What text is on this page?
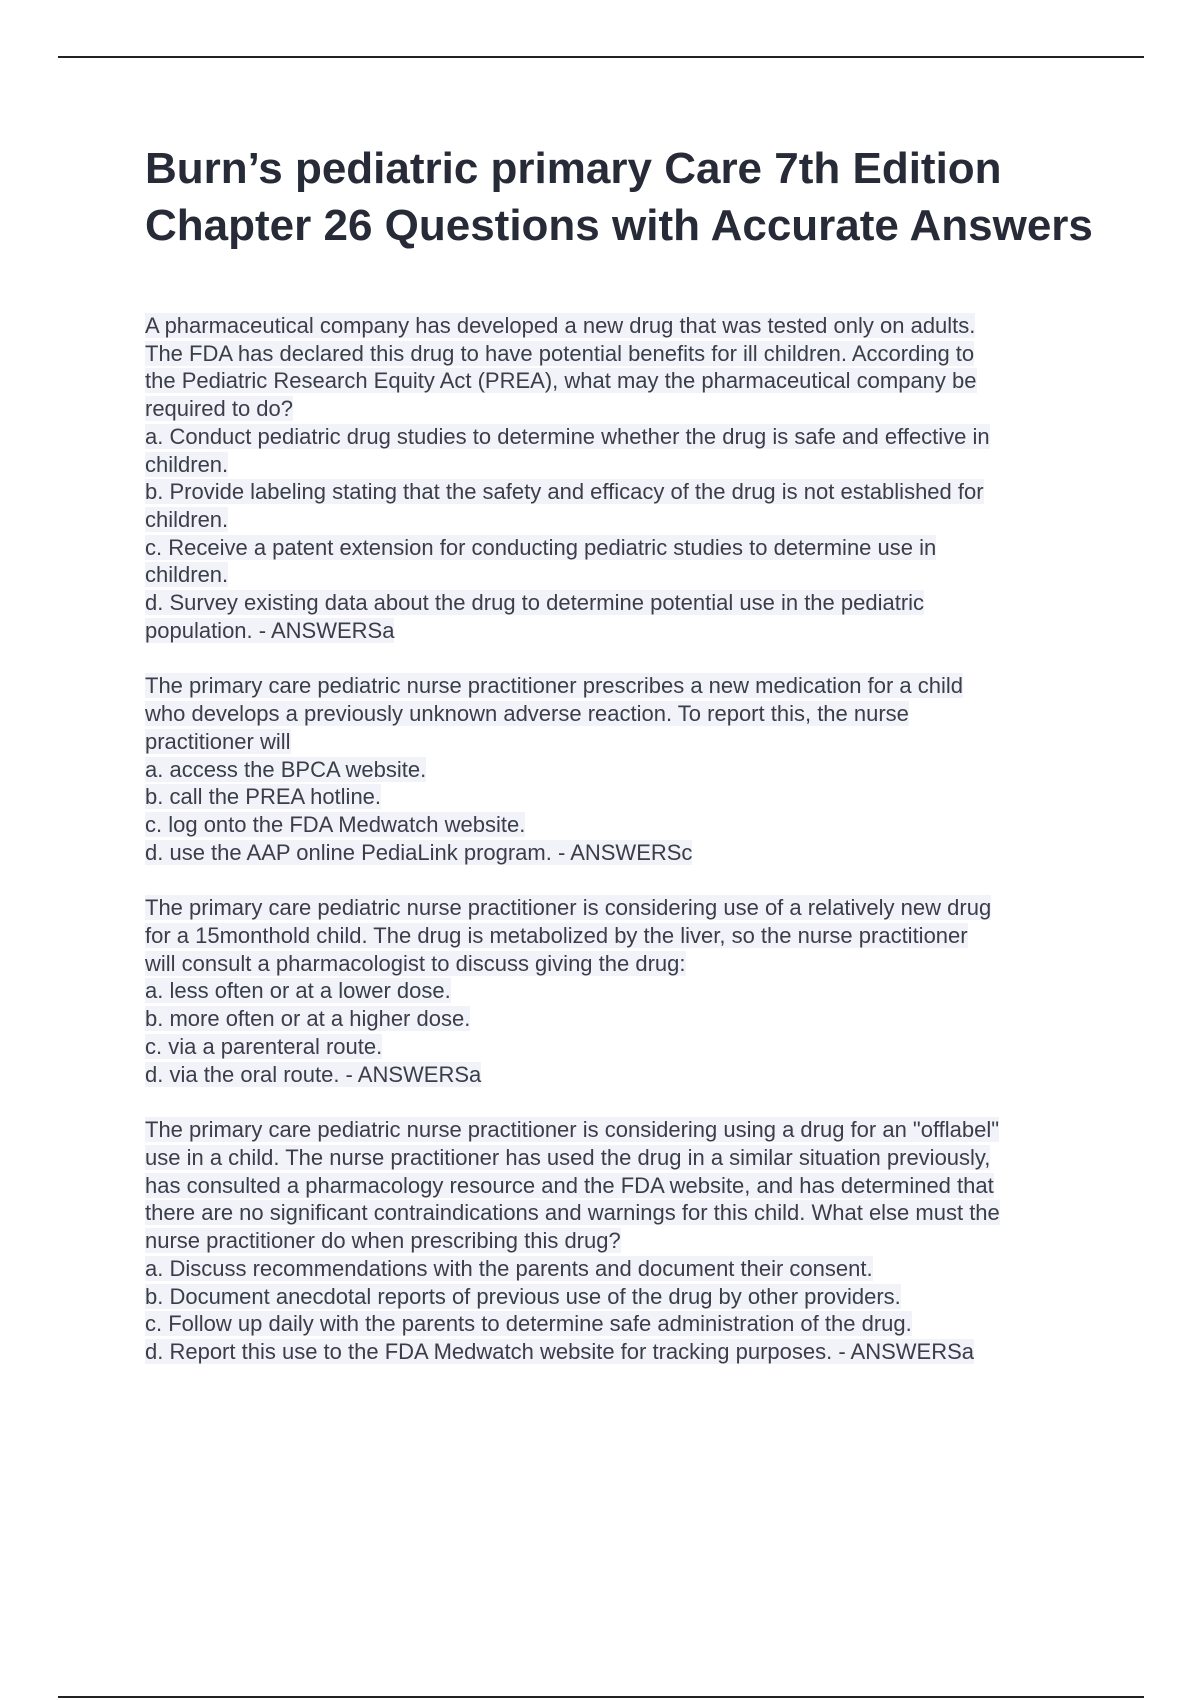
Burn’s pediatric primary Care 7th Edition Chapter 26 Questions with Accurate Answers
A pharmaceutical company has developed a new drug that was tested only on adults.
The FDA has declared this drug to have potential benefits for ill children. According to
the Pediatric Research Equity Act (PREA), what may the pharmaceutical company be
required to do?
a. Conduct pediatric drug studies to determine whether the drug is safe and effective in
children.
b. Provide labeling stating that the safety and efficacy of the drug is not established for
children.
c. Receive a patent extension for conducting pediatric studies to determine use in
children.
d. Survey existing data about the drug to determine potential use in the pediatric
population. - ANSWERSa
The primary care pediatric nurse practitioner prescribes a new medication for a child
who develops a previously unknown adverse reaction. To report this, the nurse
practitioner will
a. access the BPCA website.
b. call the PREA hotline.
c. log onto the FDA Medwatch website.
d. use the AAP online PediaLink program. - ANSWERSc
The primary care pediatric nurse practitioner is considering use of a relatively new drug
for a 15monthold child. The drug is metabolized by the liver, so the nurse practitioner
will consult a pharmacologist to discuss giving the drug:
a. less often or at a lower dose.
b. more often or at a higher dose.
c. via a parenteral route.
d. via the oral route. - ANSWERSa
The primary care pediatric nurse practitioner is considering using a drug for an "offlabel"
use in a child. The nurse practitioner has used the drug in a similar situation previously,
has consulted a pharmacology resource and the FDA website, and has determined that
there are no significant contraindications and warnings for this child. What else must the
nurse practitioner do when prescribing this drug?
a. Discuss recommendations with the parents and document their consent.
b. Document anecdotal reports of previous use of the drug by other providers.
c. Follow up daily with the parents to determine safe administration of the drug.
d. Report this use to the FDA Medwatch website for tracking purposes. - ANSWERSa
